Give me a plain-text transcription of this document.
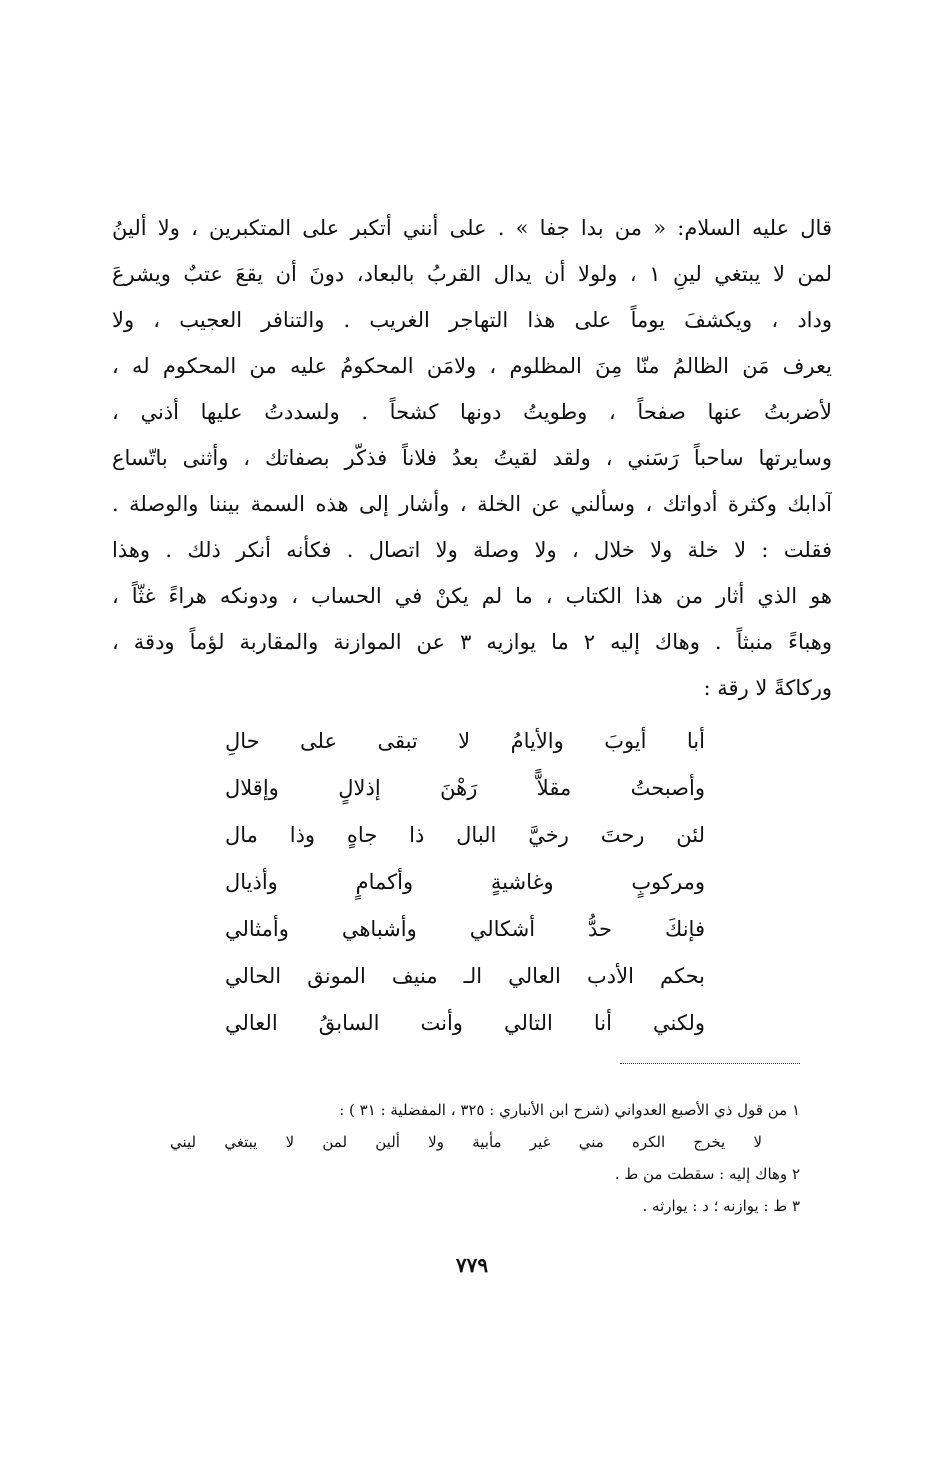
قال عليه السلام: « من بدا جفا » . على أنني أتكبر على المتكبرين ، ولا ألينُ
لمن لا يبتغي لينِ ١ ، ولولا أن يدال القربُ بالبعاد، دونَ أن يقعَ عتبٌ ويشرعَ
وداد ، ويكشفَ يوماً على هذا التهاجر الغريب . والتنافر العجيب ، ولا
يعرف مَن الظالمُ منّا مِنَ المظلوم ، ولامَن المحكومُ عليه من المحكوم له ،
لأضربتُ عنها صفحاً ، وطويتُ دونها كشحاً . ولسددتُ عليها أذني ،
وسايرتها ساحباً رَسَني ، ولقد لقيتُ بعدُ فلاناً فذكّر بصفاتك ، وأثنى باتّساع
آدابك وكثرة أدواتك ، وسألني عن الخلة ، وأشار إلى هذه السمة بيننا والوصلة .
فقلت : لا خلة ولا خلال ، ولا وصلة ولا اتصال . فكأنه أنكر ذلك . وهذا
هو الذي أثار من هذا الكتاب ، ما لم يكنْ في الحساب ، ودونكه هراءً غثّاً ،
وهباءً منبثاً . وهاك إليه ٢ ما يوازيه ٣ عن الموازنة والمقاربة لؤماً ودقة ،
وركاكةً لا رقة :
أبا أيوبَ والأيامُ لا تبقى على حالِ
وأصبحتُ مقلاًّ رَهْنَ إذلالٍ وإقلال
لئن رحتَ رخيَّ البال ذا جاهٍ وذا مال
ومركوبٍ وغاشيةٍ وأكمامٍ وأذيال
فإنكَ حدُّ أشكالي وأشباهي وأمثالي
بحكم الأدب العالي الـ منيف المونق الحالي
ولكني أنا التالي وأنت السابقُ العالي
١ من قول ذي الأصبع العدواني (شرح ابن الأنباري : ٣٢٥ ، المفضلية : ٣١ ) :
لا يخرج الكره مني غير مأبية ولا ألين لمن لا يبتغي ليني
٢ وهاك إليه : سقطت من ط .
٣ ط : يوازنه ؛ د : يوارثه .
٧٧٩
